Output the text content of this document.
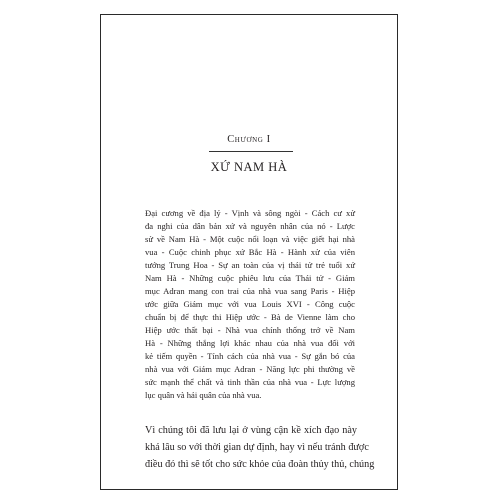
Chương I
XỨ NAM HÀ
Đại cương về địa lý - Vịnh và sông ngòi - Cách cư xử
đa nghi của dân bản xứ và nguyên nhân của nó - Lược
sử về Nam Hà - Một cuộc nổi loạn và việc giết hại nhà
vua - Cuộc chinh phục xứ Bắc Hà - Hành xử của viên
tướng Trung Hoa - Sự an toàn của vị thái tử trẻ tuổi xứ
Nam Hà - Những cuộc phiêu lưu của Thái tử - Giám
mục Adran mang con trai của nhà vua sang Paris - Hiệp
ước giữa Giám mục với vua Louis XVI - Công cuộc
chuẩn bị để thực thi Hiệp ước - Bà de Vienne làm cho
Hiệp ước thất bại - Nhà vua chính thống trở về Nam
Hà - Những thắng lợi khác nhau của nhà vua đối với
kẻ tiếm quyền - Tính cách của nhà vua - Sự gắn bó của
nhà vua với Giám mục Adran - Năng lực phi thường về
sức mạnh thể chất và tinh thần của nhà vua - Lực lượng
lục quân và hải quân của nhà vua.
Vì chúng tôi đã lưu lại ở vùng cận kề xích đạo này
khá lâu so với thời gian dự định, hay vì nếu tránh được
điều đó thì sẽ tốt cho sức khỏe của đoàn thủy thủ, chúng
